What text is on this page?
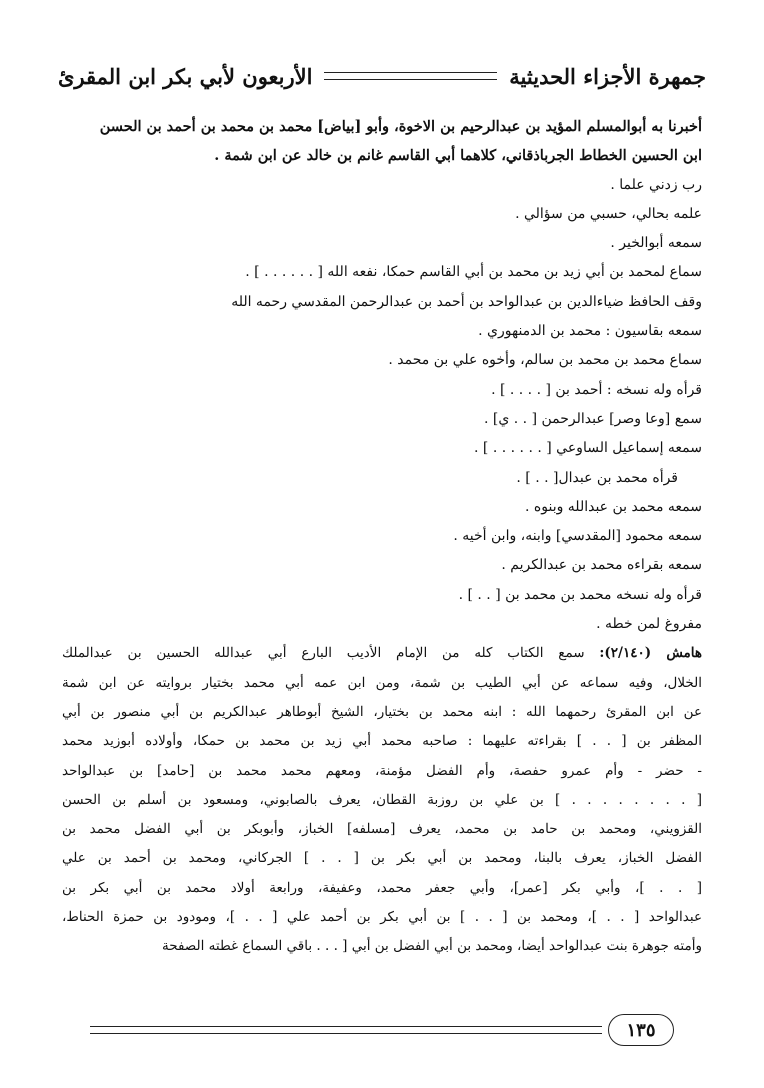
جمهرة الأجزاء الحديثية
الأربعون لأبي بكر ابن المقرئ
أخبرنا به أبوالمسلم المؤيد بن عبدالرحيم بن الاخوة، وأبو [بياض] محمد بن محمد بن أحمد بن الحسن
ابن الحسين الخطاط الجرباذقاني، كلاهما أبي القاسم غانم بن خالد عن ابن شمة .
رب زدني علما .
علمه بحالي، حسبي من سؤالي .
سمعه أبوالخير .
سماع لمحمد بن أبي زيد بن محمد بن أبي القاسم حمكا، نفعه الله [ . . . . . . ] .
وقف الحافظ ضياءالدين بن عبدالواحد بن أحمد بن عبدالرحمن المقدسي رحمه الله
سمعه بقاسيون : محمد بن الدمنهوري .
سماع محمد بن محمد بن سالم، وأخوه علي بن محمد .
قرأه وله نسخه : أحمد بن [ . . . . ] .
سمع [وعا وصر] عبدالرحمن [ . . ي] .
سمعه إسماعيل الساوعي [ . . . . . . ] .
قرأه محمد بن عبدال[ . . ] .
سمعه محمد بن عبدالله وبنوه .
سمعه محمود [المقدسي] وابنه، وابن أخيه .
سمعه بقراءه محمد بن عبدالكريم .
قرأه وله نسخه محمد بن محمد بن [ . . ] .
مفروغ لمن خطه .
هامش (٢/١٤٠): سمع الكتاب كله من الإمام الأديب البارع أبي عبدالله الحسين بن عبدالملك
الخلال، وفيه سماعه عن أبي الطيب بن شمة، ومن ابن عمه أبي محمد بختيار بروايته عن ابن شمة
عن ابن المقرئ رحمهما الله : ابنه محمد بن بختيار، الشيخ أبوطاهر عبدالكريم بن أبي منصور بن أبي
المظفر بن [ . . ] بقراءته عليهما : صاحبه محمد أبي زيد بن محمد بن حمكا، وأولاده أبوزيد محمد
- حضر - وأم عمرو حفصة، وأم الفضل مؤمنة، ومعهم محمد محمد بن [حامد] بن عبدالواحد
[ . . . . . . . . ] بن علي بن روزبة القطان، يعرف بالصابوني، ومسعود بن أسلم بن الحسن
القزويني، ومحمد بن حامد بن محمد، يعرف [مسلفه] الخباز، وأبوبكر بن أبي الفضل محمد بن
الفضل الخباز، يعرف بالبنا، ومحمد بن أبي بكر بن [ . . ] الجركاني، ومحمد بن أحمد بن علي
[ . . ]، وأبي بكر [عمر]، وأبي جعفر محمد، وعفيفة، ورابعة أولاد محمد بن أبي بكر بن
عبدالواحد [ . . ]، ومحمد بن [ . . ] بن أبي بكر بن أحمد علي [ . . ]، ومودود بن حمزة الحناط،
وأمته جوهرة بنت عبدالواحد أيضا، ومحمد بن أبي الفضل بن أبي [ . . . باقي السماع غطته الصفحة
١٣٥
